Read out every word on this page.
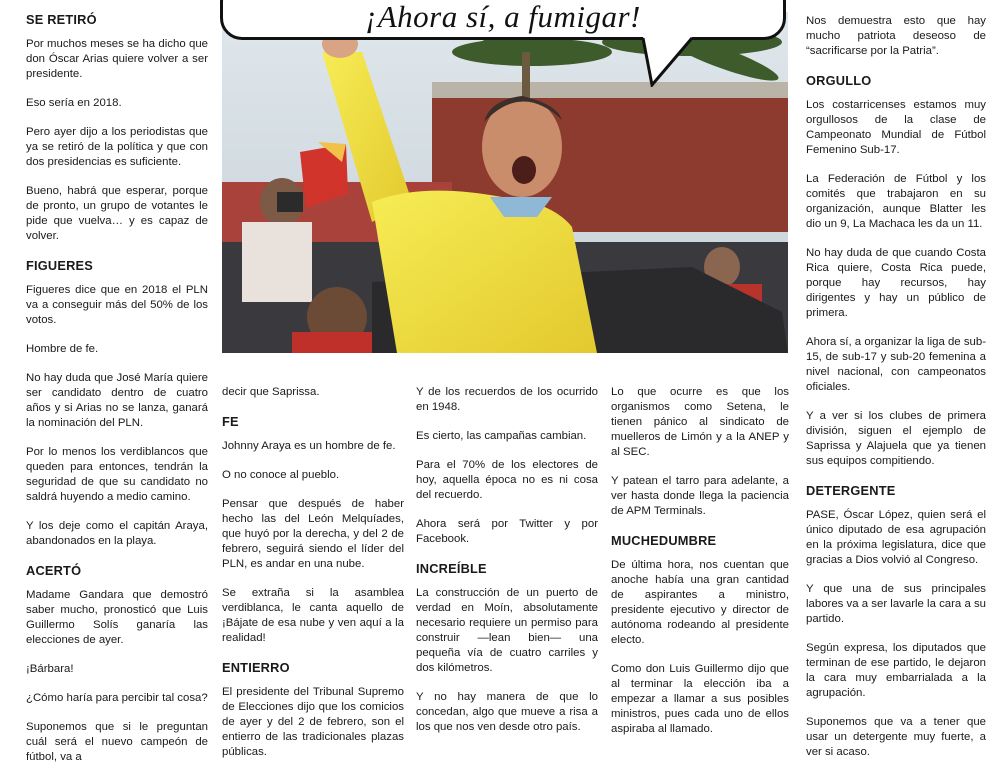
SE RETIRÓ

Por muchos meses se ha dicho que don Óscar Arias quiere volver a ser presidente.

Eso sería en 2018.

Pero ayer dijo a los periodistas que ya se retiró de la política y que con dos presidencias es suficiente.

Bueno, habrá que esperar, porque de pronto, un grupo de votantes le pide que vuelva… y es capaz de volver.

FIGUERES

Figueres dice que en 2018 el PLN va a conseguir más del 50% de los votos.

Hombre de fe.

No hay duda que José María quiere ser candidato dentro de cuatro años y si Arias no se lanza, ganará la nominación del PLN.

Por lo menos los verdiblancos que queden para entonces, tendrán la seguridad de que su candidato no saldrá huyendo a medio camino.

Y los deje como el capitán Araya, abandonados en la playa.

ACERTÓ

Madame Gandara que demostró saber mucho, pronosticó que Luis Guillermo Solís ganaría las elecciones de ayer.

¡Bárbara!

¿Cómo haría para percibir tal cosa?

Suponemos que si le preguntan cuál será el nuevo campeón de fútbol, va a

¡Ahora sí, a fumigar!

decir que Saprissa.

FE

Johnny Araya es un hombre de fe.

O no conoce al pueblo.

Pensar que después de haber hecho las del León Melquíades, que huyó por la derecha, y del 2 de febrero, seguirá siendo el líder del PLN, es andar en una nube.

Se extraña si la asamblea verdiblanca, le canta aquello de ¡Bájate de esa nube y ven aquí a la realidad!

ENTIERRO

El presidente del Tribunal Supremo de Elecciones dijo que los comicios de ayer y del 2 de febrero, son el entierro de las tradicionales plazas públicas.

Y de los recuerdos de los ocurrido en 1948.

Es cierto, las campañas cambian.

Para el 70% de los electores de hoy, aquella época no es ni cosa del recuerdo.

Ahora será por Twitter y por Facebook.

INCREÍBLE

La construcción de un puerto de verdad en Moín, absolutamente necesario requiere un permiso para construir —lean bien— una pequeña vía de cuatro carriles y dos kilómetros.

Y no hay manera de que lo concedan, algo que mueve a risa a los que nos ven desde otro país.

Lo que ocurre es que los organismos como Setena, le tienen pánico al sindicato de muelleros de Limón y a la ANEP y al SEC.

Y patean el tarro para adelante, a ver hasta donde llega la paciencia de APM Terminals.

MUCHEDUMBRE

De última hora, nos cuentan que anoche había una gran cantidad de aspirantes a ministro, presidente ejecutivo y director de autónoma rodeando al presidente electo.

Como don Luis Guillermo dijo que al terminar la elección iba a empezar a llamar a sus posibles ministros, pues cada uno de ellos aspiraba al llamado.

Nos demuestra esto que hay mucho patriota deseoso de “sacrificarse por la Patria”.

ORGULLO

Los costarricenses estamos muy orgullosos de la clase de Campeonato Mundial de Fútbol Femenino Sub-17.

La Federación de Fútbol y los comités que trabajaron en su organización, aunque Blatter les dio un 9, La Machaca les da un 11.

No hay duda de que cuando Costa Rica quiere, Costa Rica puede, porque hay recursos, hay dirigentes y hay un público de primera.

Ahora sí, a organizar la liga de sub-15, de sub-17 y sub-20 femenina a nivel nacional, con campeonatos oficiales.

Y a ver si los clubes de primera división, siguen el ejemplo de Saprissa y Alajuela que ya tienen sus equipos compitiendo.

DETERGENTE

PASE, Óscar López, quien será el único diputado de esa agrupación en la próxima legislatura, dice que gracias a Dios volvió al Congreso.

Y que una de sus principales labores va a ser lavarle la cara a su partido.

Según expresa, los diputados que terminan de ese partido, le dejaron la cara muy embarrialada a la agrupación.

Suponemos que va a tener que usar un detergente muy fuerte, a ver si acaso.
